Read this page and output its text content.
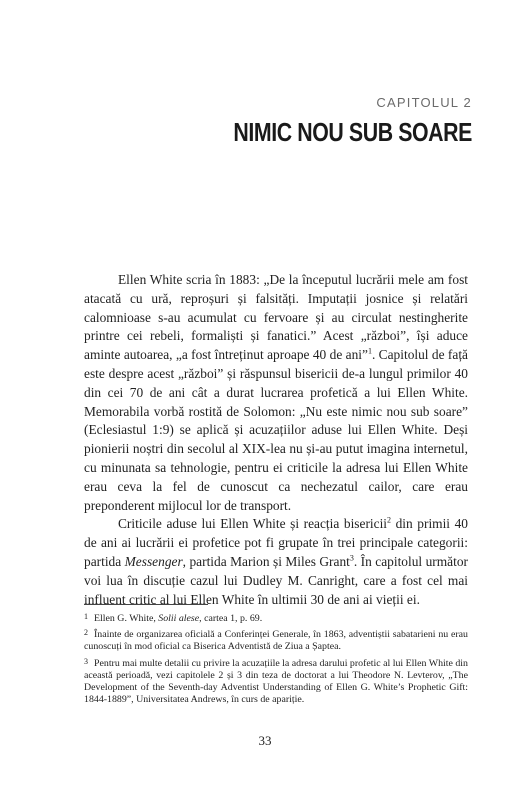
CAPITOLUL 2
NIMIC NOU SUB SOARE

Ellen White scria în 1883: „De la începutul lucrării mele am fost atacată cu ură, reproșuri și falsități. Imputații josnice și relatări calomnioase s-au acumulat cu fervoare și au circulat nestingherite printre cei rebeli, formaliști și fanatici.” Acest „război”, își aduce aminte autoarea, „a fost întreținut aproape 40 de ani”$^1$. Capitolul de față este despre acest „război” și răspunsul bisericii de-a lungul primilor 40 din cei 70 de ani cât a durat lucrarea profetică a lui Ellen White. Memorabila vorbă rostită de Solomon: „Nu este nimic nou sub soare” (Eclesiastul 1:9) se aplică și acuzațiilor aduse lui Ellen White. Deși pionierii noștri din secolul al XIX-lea nu și-au putut imagina internetul, cu minunata sa tehnologie, pentru ei criticile la adresa lui Ellen White erau ceva la fel de cunoscut ca nechezatul cailor, care erau preponderent mijlocul lor de transport.

Criticile aduse lui Ellen White și reacția bisericii$^2$ din primii 40 de ani ai lucrării ei profetice pot fi grupate în trei principale categorii: partida Messenger, partida Marion și Miles Grant$^3$. În capitolul următor voi lua în discuție cazul lui Dudley M. Canright, care a fost cel mai influent critic al lui Ellen White în ultimii 30 de ani ai vieții ei.

$^1$ Ellen G. White, Solii alese, cartea 1, p. 69.

$^2$ Înainte de organizarea oficială a Conferinței Generale, în 1863, adventiștii sabatarieni nu erau cunoscuți în mod oficial ca Biserica Adventistă de Ziua a Șaptea.

$^3$ Pentru mai multe detalii cu privire la acuzațiile la adresa darului profetic al lui Ellen White din această perioadă, vezi capitolele 2 și 3 din teza de doctorat a lui Theodore N. Levterov, „The Development of the Seventh-day Adventist Understanding of Ellen G. White’s Prophetic Gift: 1844-1889”, Universitatea Andrews, în curs de apariție.

33
